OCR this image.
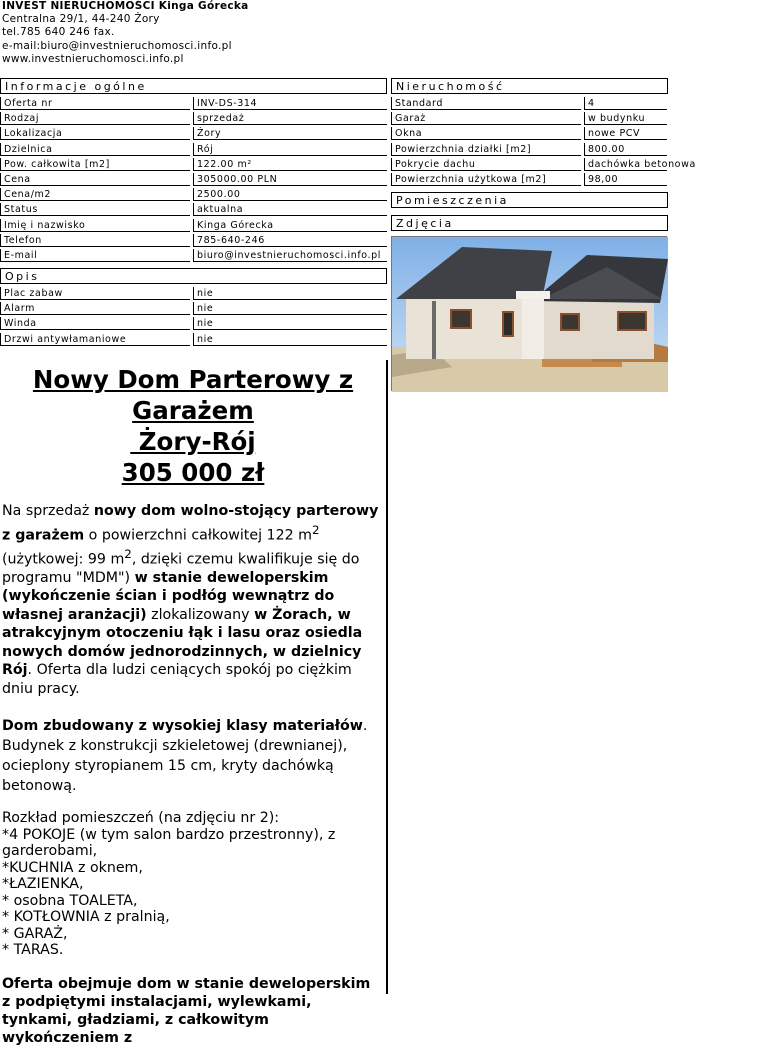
INVEST NIERUCHOMOŚCI Kinga Górecka
Centralna 29/1, 44-240 Żory
tel.785 640 246 fax.
e-mail:biuro@investnieruchomosci.info.pl
www.investnieruchomosci.info.pl
Informacje ogólne
Oferta nr	INV-DS-314
Rodzaj	sprzedaż
Lokalizacja	Żory
Dzielnica	Rój
Pow. całkowita [m2]	122.00 m²
Cena	305000.00 PLN
Cena/m2	2500.00
Status	aktualna
Imię i nazwisko	Kinga Górecka
Telefon	785-640-246
E-mail	biuro@investnieruchomosci.info.pl
Nieruchomość
Standard	4
Garaż	w budynku
Okna	nowe PCV
Powierzchnia działki [m2]	800.00
Pokrycie dachu	dachówka betonowa
Powierzchnia użytkowa [m2]	98,00
Pomieszczenia
Zdjęcia
Opis
Plac zabaw	nie
Alarm	nie
Winda	nie
Drzwi antywłamaniowe	nie
Nowy Dom Parterowy z
Garażem
Żory-Rój
305 000 zł

Na sprzedaż nowy dom wolno-stojący parterowy z garażem o powierzchni całkowitej 122 $m^2$ (użytkowej: 99 $m^2$, dzięki czemu kwalifikuje się do programu "MDM") w stanie deweloperskim (wykończenie ścian i podłóg wewnątrz do własnej aranżacji) zlokalizowany w Żorach, w atrakcyjnym otoczeniu łąk i lasu oraz osiedla nowych domów jednorodzinnych, w dzielnicy Rój. Oferta dla ludzi ceniących spokój po ciężkim dniu pracy.

Dom zbudowany z wysokiej klasy materiałów. Budynek z konstrukcji szkieletowej (drewnianej), ocieplony styropianem 15 cm, kryty dachówką betonową.

Rozkład pomieszczeń (na zdjęciu nr 2):

*4 POKOJE (w tym salon bardzo przestronny), z garderobami,

*KUCHNIA z oknem,

*ŁAZIENKA,

* osobna TOALETA,

* KOTŁOWNIA z pralnią,

* GARAŻ,

* TARAS.

Oferta obejmuje dom w stanie deweloperskim z podpiętymi instalacjami, wylewkami, tynkami, gładziami, z całkowitym wykończeniem z
